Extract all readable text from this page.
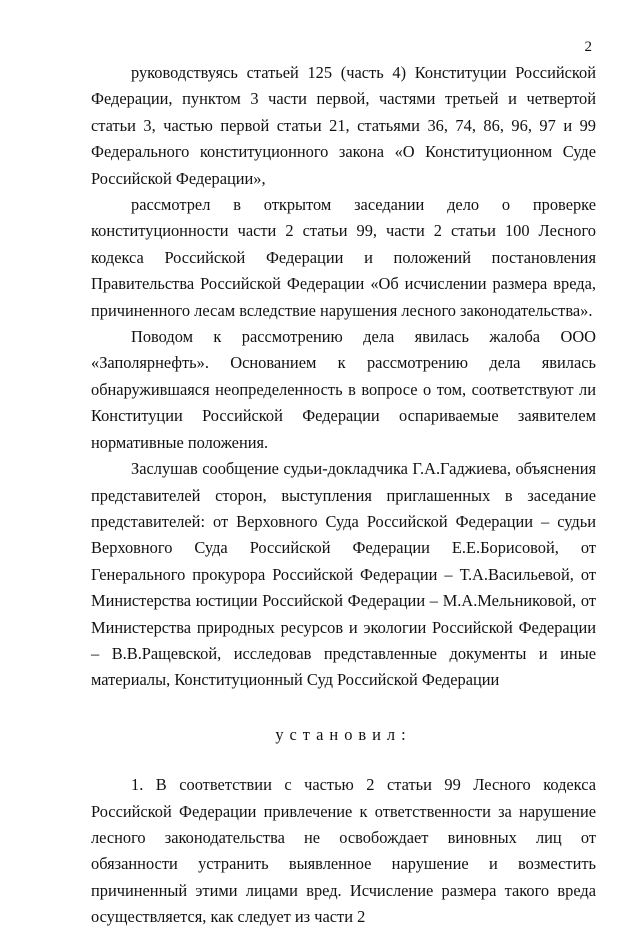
2

руководствуясь статьей 125 (часть 4) Конституции Российской Федерации, пунктом 3 части первой, частями третьей и четвертой статьи 3, частью первой статьи 21, статьями 36, 74, 86, 96, 97 и 99 Федерального конституционного закона «О Конституционном Суде Российской Федерации»,

рассмотрел в открытом заседании дело о проверке конституционности части 2 статьи 99, части 2 статьи 100 Лесного кодекса Российской Федерации и положений постановления Правительства Российской Федерации «Об исчислении размера вреда, причиненного лесам вследствие нарушения лесного законодательства».

Поводом к рассмотрению дела явилась жалоба ООО «Заполярнефть». Основанием к рассмотрению дела явилась обнаружившаяся неопределенность в вопросе о том, соответствуют ли Конституции Российской Федерации оспариваемые заявителем нормативные положения.

Заслушав сообщение судьи-докладчика Г.А.Гаджиева, объяснения представителей сторон, выступления приглашенных в заседание представителей: от Верховного Суда Российской Федерации – судьи Верховного Суда Российской Федерации Е.Е.Борисовой, от Генерального прокурора Российской Федерации – Т.А.Васильевой, от Министерства юстиции Российской Федерации – М.А.Мельниковой, от Министерства природных ресурсов и экологии Российской Федерации – В.В.Ращевской, исследовав представленные документы и иные материалы, Конституционный Суд Российской Федерации

установил:

1. В соответствии с частью 2 статьи 99 Лесного кодекса Российской Федерации привлечение к ответственности за нарушение лесного законодательства не освобождает виновных лиц от обязанности устранить выявленное нарушение и возместить причиненный этими лицами вред. Исчисление размера такого вреда осуществляется, как следует из части 2
